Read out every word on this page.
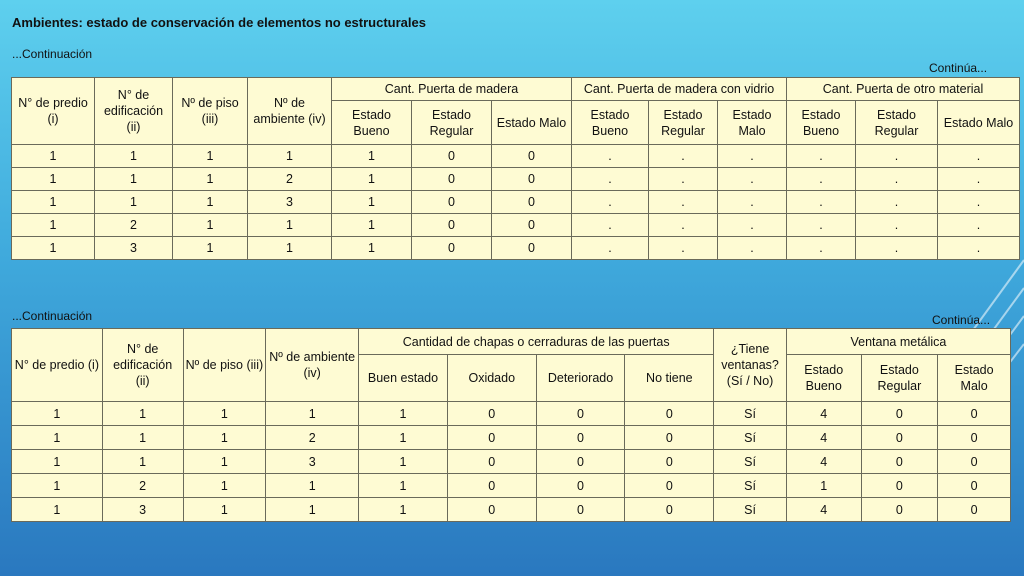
Ambientes: estado de conservación de elementos no estructurales
...Continuación
Continúa...
N° de predio (i)	N° de edificación (ii)	Nº de piso (iii)	Nº de ambiente (iv)	Cant. Puerta de madera			Cant. Puerta de madera con vidrio			Cant. Puerta de otro material		
				Estado Bueno	Estado Regular	Estado Malo	Estado Bueno	Estado Regular	Estado Malo	Estado Bueno	Estado Regular	Estado Malo
1	1	1	1	1	0	0	.	.	.	.	.	.
1	1	1	2	1	0	0	.	.	.	.	.	.
1	1	1	3	1	0	0	.	.	.	.	.	.
1	2	1	1	1	0	0	.	.	.	.	.	.
1	3	1	1	1	0	0	.	.	.	.	.	.
...Continuación	Continúa...
N° de predio (i)	N° de edificación (ii)	Nº de piso (iii)	Nº de ambiente (iv)	Cantidad de chapas o cerraduras de las puertas				¿Tiene ventanas? (Sí / No)	Ventana metálica		
				Buen estado	Oxidado	Deteriorado	No tiene		Estado Bueno	Estado Regular	Estado Malo
1	1	1	1	1	0	0	0	Sí	4	0	0
1	1	1	2	1	0	0	0	Sí	4	0	0
1	1	1	3	1	0	0	0	Sí	4	0	0
1	2	1	1	1	0	0	0	Sí	1	0	0
1	3	1	1	1	0	0	0	Sí	4	0	0
